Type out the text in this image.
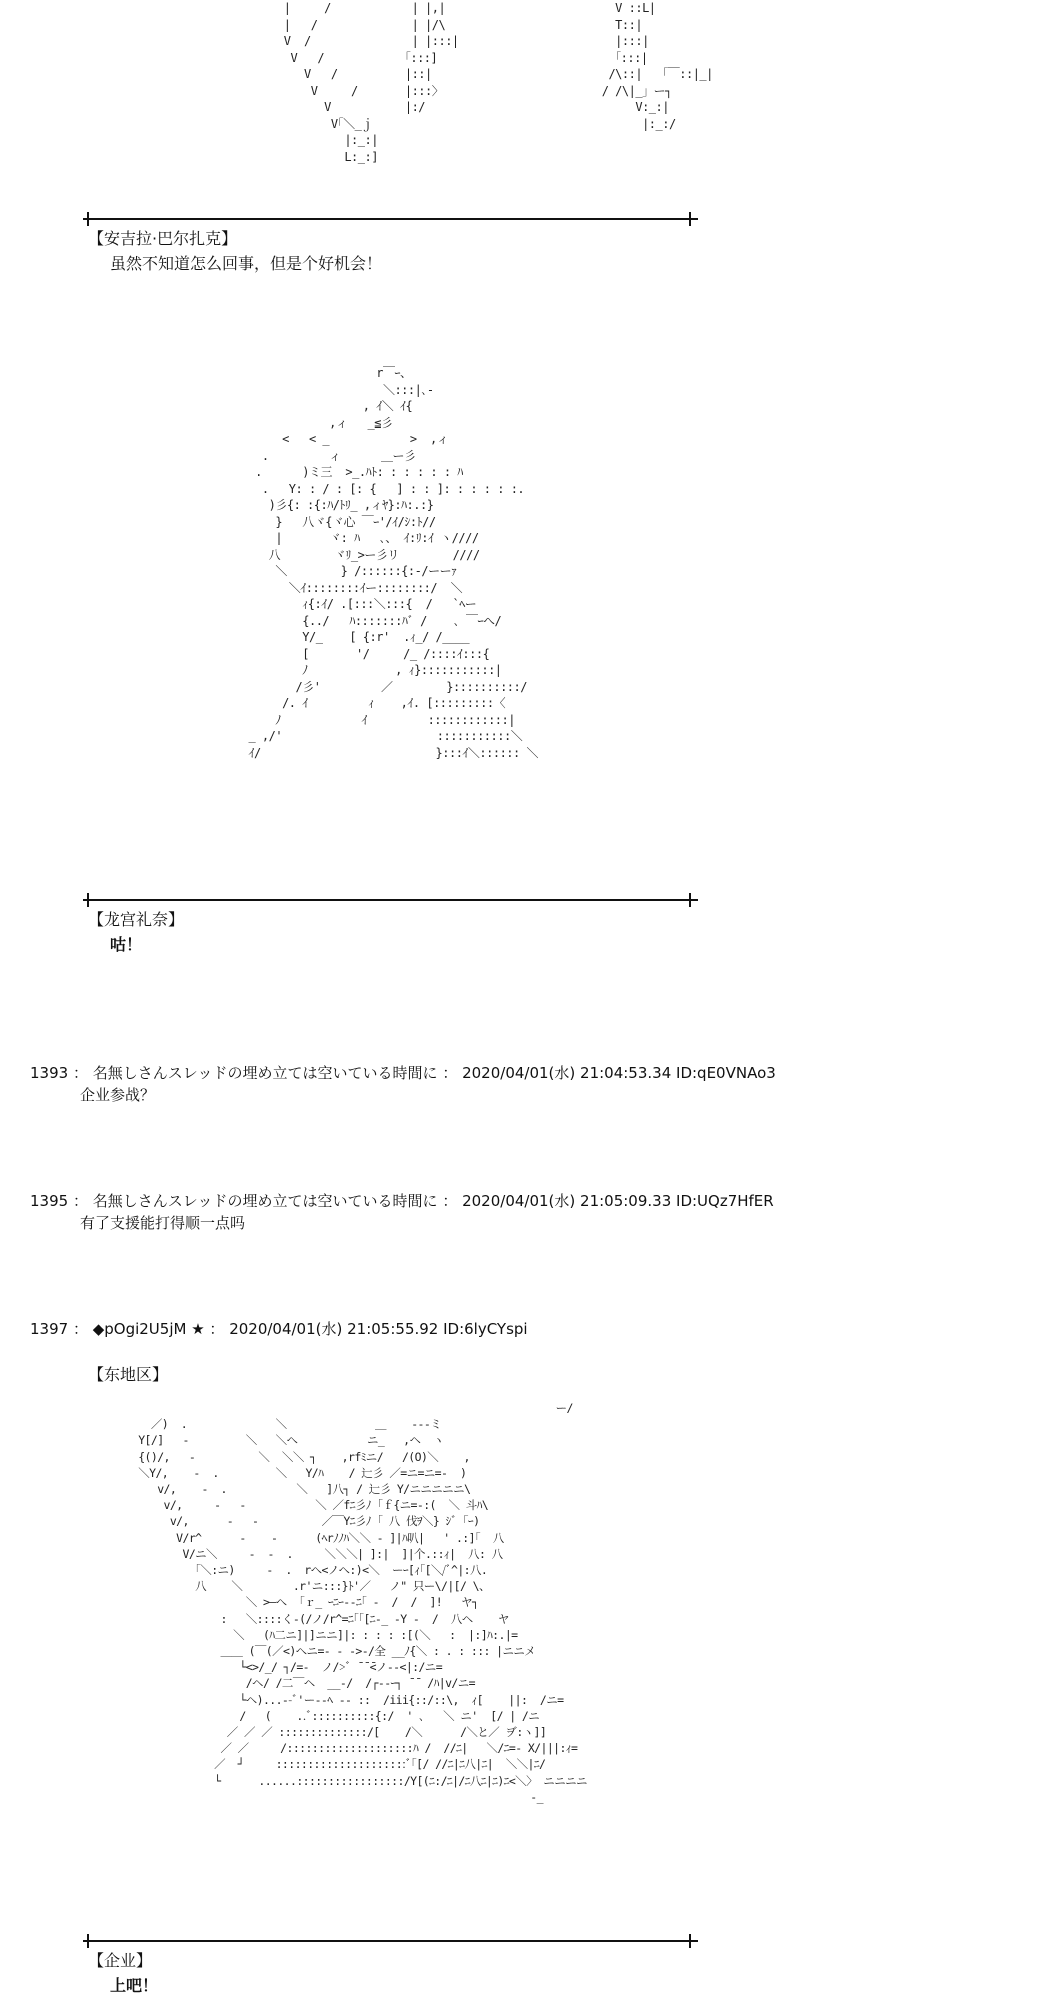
|     /            | |,|
|   /              | |/\
V  /               | |:::|
V   /            ｢:::]
V   /          |::|
V     /       |:::〉
V           |:/
V｢＼_ｊ
|:_:|
L:_:]
V ::L|
T::|
|:::|
｢:::|
/\::|   ｢￣::|_|
/ /\|_」ー┐
V:_:|
|:_:/
【安吉拉·巴尔扎克】
虽然不知道怎么回事，但是个好机会！
r￣ｰ、
＼:::|､-
, ｲ＼ ｲ{
,ィ   _≦彡
<   < _            >  ,ィ
.         ィ      ＿ー彡
.      )ミ三  >_.ﾊﾄ: : : : : : ﾊ
.   Y: : / : [: {   ] : : ]: : : : : :.
)彡{: :{:ﾊ/ﾄﾘ_ ,ィﾔ}:ﾊ:.:}
}   八ヾ{ヾ心 ￣ｰ'/ｲ/ｼ:ﾄ//
|       ヾ: ﾊ   ､、 ｲ:ﾘ:ｲ ヽ////
八        ヾﾘ_>ー彡リ        ////
＼        } /::::::{:-/ーーｧ
＼ｲ::::::::ｲー::::::::/  ＼
ｨ{:ｲ/ .[:::＼:::{  /   `ﾍー
{../   ﾊ:::::::ﾊﾞ /    ､ ￣ｰへ/
Y/_    [ {:r'  .ｨ_/ /____
[       '/     /_ /::::ｲ:::{
ﾉ             , ｨ}:::::::::::|
/彡'         ／        }::::::::::/
/. ｲ         ｨ    ,ｲ. [:::::::::〈
ﾉ            ｲ         ::::::::::::|
_ ,/'                       :::::::::::＼
ｲ/                          }:::ｲ＼:::::: ＼
【龙宫礼奈】
咕！
1393 ： 名無しさんスレッドの埋め立ては空いている時間に ： 2020/04/01(水) 21:04:53.34 ID:qE0VNAo3
企业参战？
1395 ： 名無しさんスレッドの埋め立ては空いている時間に ： 2020/04/01(水) 21:05:09.33 ID:UQz7HfER
有了支援能打得顺一点吗
1397 ： ◆pOgi2U5jM ★ ： 2020/04/01(水) 21:05:55.92 ID:6lyCYspi
【东地区】
ー/
／)  .              ＼              ＿    ---ミ
Y[/]   -         ＼   ＼へ           ニ_   ,ヘ  ヽ
{()/,   -          ＼  ＼＼ ┐    ,rfﾐニ/   /(O)＼    ,
＼Y/,    -  .         ＼   Y/ﾊ    / 辷彡 ／=ニ=ニ=-  )
v/,    -  .           ＼   ]八┐ / 辷彡 Y/ニニニニニ\
v/,     -   -           ＼ ／fﾆ彡ﾉ ｢ｆ{ニ=-:(  ＼ 斗ﾊ\
v/,      -   -          ／￣Yﾆ彡ﾉ ｢ 八 伐ｦ＼} ｼﾞ ｢ｰ)
V/r^      -    -      (ﾍrﾉﾉﾊ＼＼ - ]|ﾊ叭|   ' .:]｢  八
V/ニ＼     -  -  .     ＼＼＼| ]:|  ]|个.::ｨ|  八: 八
｢＼:ニ)     -  .  rへ<ノへ:)<＼  ーｰ[ｨ｢[＼/ﾞ^|:八.
八    ＼        .r'ニ:::}ﾄ'／   ノ" 只ー\/|[/ \、
＼ >―へ  ｢ｒ_ ｰﾆｰ--ﾆ｢ ‐  /  /  ]!   ヤ┐
:   ＼::::く-(/ノ/r^=ﾆ｢｢[ﾆ-_ -Y ‐  /  八ヘ    ヤ
＼   (ﾊ二ニ]|]ニニ]|: : : : :[(＼   :  |:]ﾊ:.|=
＿＿ (￣(／<)へニ=- - ->-/全 __ﾉ{＼ : . : ::: |ニニメ
└<>/_/ ┐/=-  ノ/>ﾞ ̄ ̄ ̄<ノ--<|:/ニ=
/ヘ/ /二￣ヘ  __-/  /┌--ｰ┐ ̄ ̄  /ﾊ|v/ニ=
└ヘ)...--ﾞ'ー--ﾍ -- ::  /iii{::/::\,  ｨ[    ||:  /ニ=
/   (    ..ﾞ::::::::::{:/  ' ､   ＼ ニ'  [/ | /ニ
／ ／ ／ ::::::::::::::/[    /＼      /＼と／ ヺ:ヽ]]
／ ／     /::::::::::::::::::::ﾊ /  //ﾆ|   ＼/ﾆ=- X/|||:ｨ=
／  ┘     :::::::::::::::::::::ﾞ｢[/ //ﾆ|ﾆ八|ﾆ|  ＼＼|ﾆ/
└      ......:::::::::::::::::/Y[(ﾆ:/ﾆ|/ﾆ八ﾆ|ﾆ)ﾆ<＼〉 ニニニニ
‐_
【企业】
上吧！
